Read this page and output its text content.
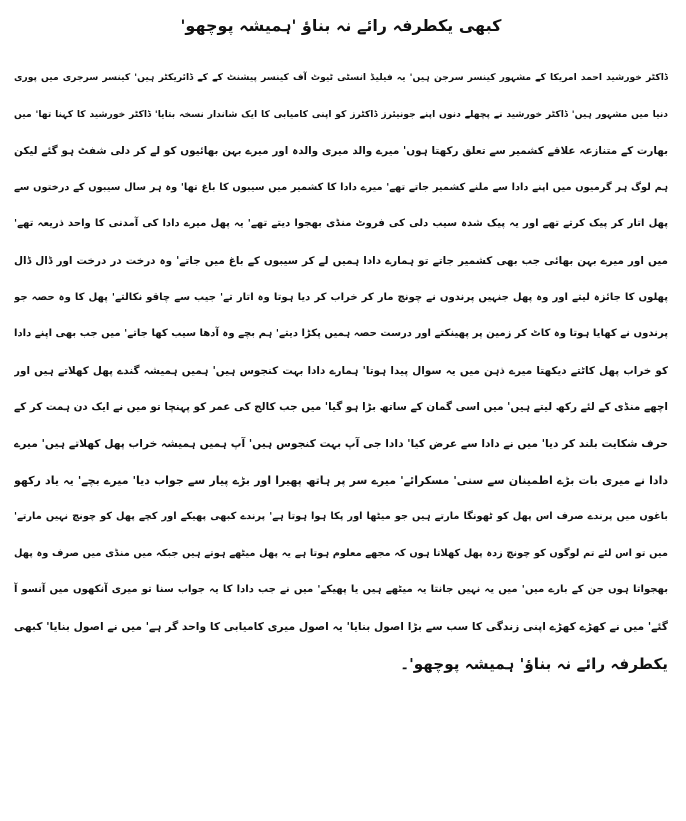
کبھی یکطرفہ رائے نہ بناؤ 'ہمیشہ پوچھو'
ڈاکٹر خورشید احمد امریکا کے مشہور کینسر سرجن ہیں' یہ فیلیڈ انسٹی ٹیوٹ آف کینسر پیشنٹ کے کے ڈائریکٹر ہیں' کینسر سرجری میں پوری
دنیا میں مشہور ہیں' ڈاکٹر خورشید نے پچھلے دنوں اپنے جونیئرز ڈاکٹرز کو اپنی کامیابی کا ایک شاندار نسخہ بتایا' ڈاکٹر خورشید کا کہنا تھا' میں
بھارت کے متنازعہ علاقے کشمیر سے تعلق رکھتا ہوں' میرے والد میری والدہ اور میرے بہن بھائیوں کو لے کر دلی شفٹ ہو گئے لیکن
ہم لوگ ہر گرمیوں میں اپنے دادا سے ملنے کشمیر جاتے تھے' میرے دادا کا کشمیر میں سیبوں کا باغ تھا' وہ ہر سال سیبوں کے درختوں سے
پھل اتار کر پیک کرتے تھے اور یہ پیک شدہ سیب دلی کی فروٹ منڈی بھجوا دیتے تھے' یہ پھل میرے دادا کی آمدنی کا واحد ذریعہ تھے'
میں اور میرے بہن بھائی جب بھی کشمیر جاتے تو ہمارے دادا ہمیں لے کر سیبوں کے باغ میں جاتے' وہ درخت در درخت اور ڈال ڈال
پھلوں کا جائزہ لیتے اور وہ پھل جنہیں پرندوں نے چونچ مار کر خراب کر دیا ہوتا وہ اتار تے' جیب سے چاقو نکالتے' پھل کا وہ حصہ جو
پرندوں نے کھایا ہوتا وہ کاٹ کر زمین پر پھینکتے اور درست حصہ ہمیں پکڑا دیتے' ہم بچے وہ آدھا سیب کھا جاتے' میں جب بھی اپنے دادا
کو خراب پھل کاٹتے دیکھتا میرے ذہن میں یہ سوال پیدا ہوتا' ہمارے دادا بہت کنجوس ہیں' ہمیں ہمیشہ گندے پھل کھلاتے ہیں اور
اچھے منڈی کے لئے رکھ لیتے ہیں' میں اسی گمان کے ساتھ بڑا ہو گیا' میں جب کالج کی عمر کو پہنچا تو میں نے ایک دن ہمت کر کے
حرف شکایت بلند کر دیا' میں نے دادا سے عرض کیا' دادا جی آپ بہت کنجوس ہیں' آپ ہمیں ہمیشہ خراب پھل کھلاتے ہیں' میرے
دادا نے میری بات بڑے اطمینان سے سنی' مسکرائے' میرے سر پر ہاتھ پھیرا اور بڑے پیار سے جواب دیا' میرے بچے' یہ یاد رکھو
باغوں میں پرندے صرف اس پھل کو ٹھونگا مارتے ہیں جو میٹھا اور پکا ہوا ہوتا ہے' پرندے کبھی پھیکے اور کچے پھل کو چونچ نہیں مارتے'
میں تو اس لئے تم لوگوں کو چونچ زدہ پھل کھلاتا ہوں کہ مجھے معلوم ہوتا ہے یہ پھل میٹھے ہوتے ہیں جبکہ میں منڈی میں صرف وہ پھل
بھجواتا ہوں جن کے بارے میں' میں یہ نہیں جانتا یہ میٹھے ہیں یا پھیکے' میں نے جب دادا کا یہ جواب سنا تو میری آنکھوں میں آنسو آ
گئے' میں نے کھڑے کھڑے اپنی زندگی کا سب سے بڑا اصول بنایا' یہ اصول میری کامیابی کا واحد گر ہے' میں نے اصول بنایا' کبھی
یکطرفہ رائے نہ بناؤ' ہمیشہ پوچھو'۔
